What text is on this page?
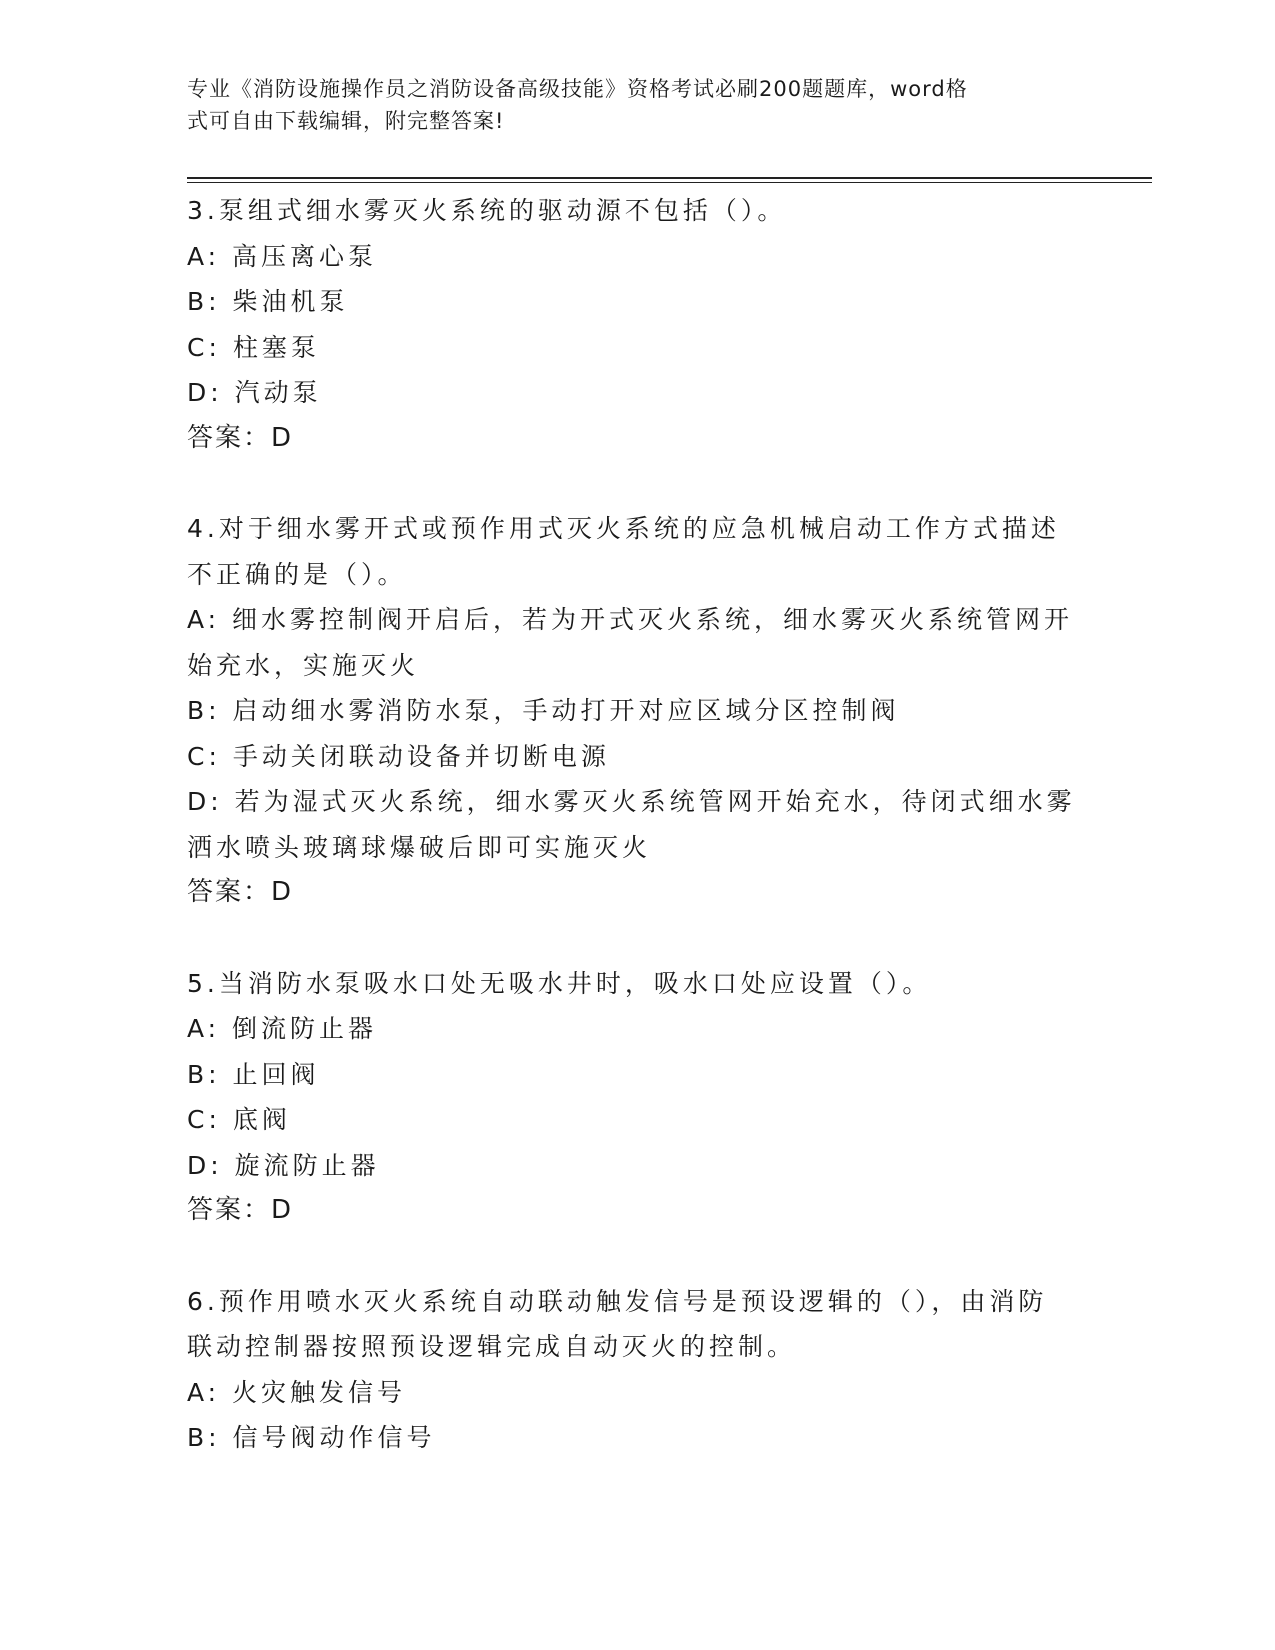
专业《消防设施操作员之消防设备高级技能》资格考试必刷200题题库，word格
式可自由下载编辑，附完整答案!
3.泵组式细水雾灭火系统的驱动源不包括（）。
A: 高压离心泵
B: 柴油机泵
C: 柱塞泵
D: 汽动泵
答案：D
4.对于细水雾开式或预作用式灭火系统的应急机械启动工作方式描述
不正确的是（）。
A: 细水雾控制阀开启后，若为开式灭火系统，细水雾灭火系统管网开
始充水，实施灭火
B: 启动细水雾消防水泵，手动打开对应区域分区控制阀
C: 手动关闭联动设备并切断电源
D: 若为湿式灭火系统，细水雾灭火系统管网开始充水，待闭式细水雾
洒水喷头玻璃球爆破后即可实施灭火
答案：D
5.当消防水泵吸水口处无吸水井时，吸水口处应设置（）。
A: 倒流防止器
B: 止回阀
C: 底阀
D: 旋流防止器
答案：D
6.预作用喷水灭火系统自动联动触发信号是预设逻辑的（），由消防
联动控制器按照预设逻辑完成自动灭火的控制。
A: 火灾触发信号
B: 信号阀动作信号
